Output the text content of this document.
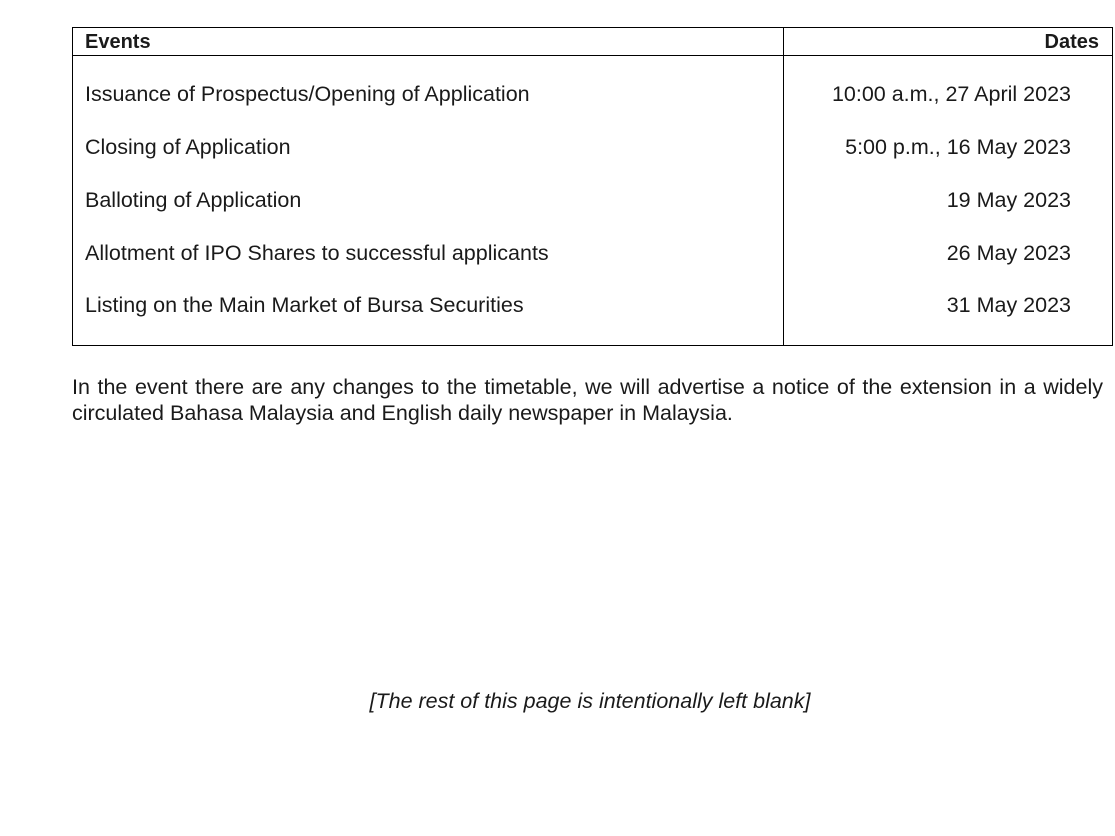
Events	Dates
Issuance of Prospectus/Opening of Application	10:00 a.m., 27 April 2023
Closing of Application	5:00 p.m., 16 May 2023
Balloting of Application	19 May 2023
Allotment of IPO Shares to successful applicants	26 May 2023
Listing on the Main Market of Bursa Securities	31 May 2023
In the event there are any changes to the timetable, we will advertise a notice of the extension in a widely circulated Bahasa Malaysia and English daily newspaper in Malaysia.
[The rest of this page is intentionally left blank]
